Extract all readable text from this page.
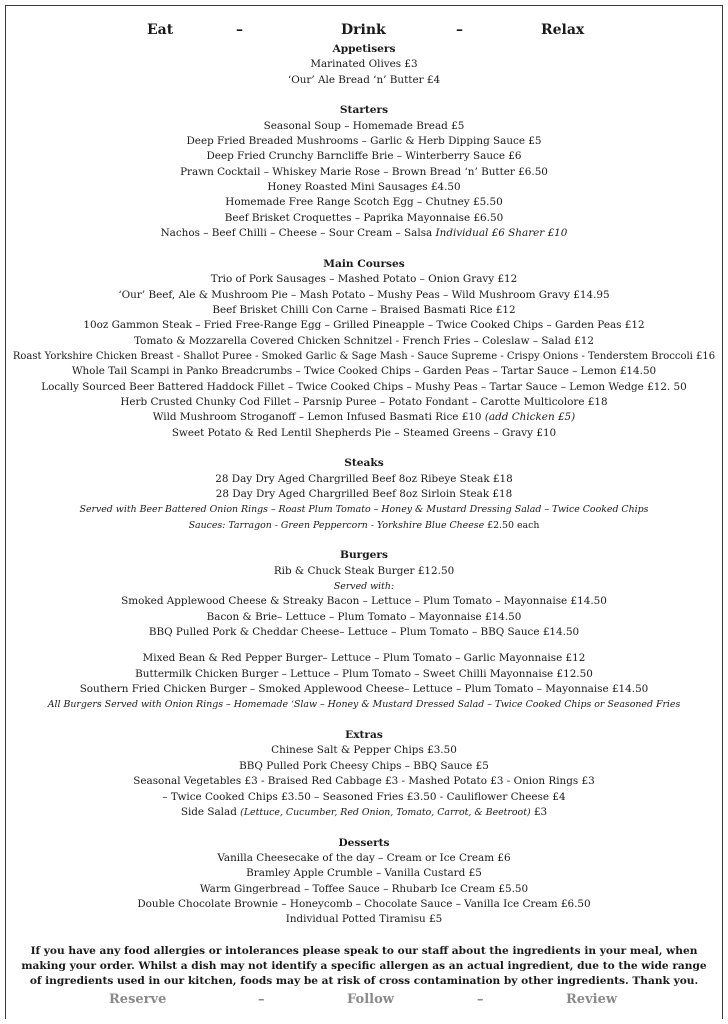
Eat	–	Drink	–	Relax
Appetisers
Marinated Olives £3
‘Our’ Ale Bread ‘n’ Butter £4
Starters
Seasonal Soup – Homemade Bread £5
Deep Fried Breaded Mushrooms – Garlic & Herb Dipping Sauce £5
Deep Fried Crunchy Barncliffe Brie – Winterberry Sauce £6
Prawn Cocktail – Whiskey Marie Rose – Brown Bread ‘n’ Butter £6.50
Honey Roasted Mini Sausages £4.50
Homemade Free Range Scotch Egg – Chutney £5.50
Beef Brisket Croquettes – Paprika Mayonnaise £6.50
Nachos – Beef Chilli – Cheese – Sour Cream – Salsa Individual £6 Sharer £10
Main Courses
Trio of Pork Sausages – Mashed Potato – Onion Gravy £12
‘Our’ Beef, Ale & Mushroom Pie – Mash Potato – Mushy Peas – Wild Mushroom Gravy £14.95
Beef Brisket Chilli Con Carne – Braised Basmati Rice £12
10oz Gammon Steak – Fried Free-Range Egg – Grilled Pineapple – Twice Cooked Chips – Garden Peas £12
Tomato & Mozzarella Covered Chicken Schnitzel - French Fries – Coleslaw – Salad £12
Roast Yorkshire Chicken Breast - Shallot Puree - Smoked Garlic & Sage Mash - Sauce Supreme - Crispy Onions - Tenderstem Broccoli £16
Whole Tail Scampi in Panko Breadcrumbs – Twice Cooked Chips – Garden Peas – Tartar Sauce – Lemon £14.50
Locally Sourced Beer Battered Haddock Fillet – Twice Cooked Chips – Mushy Peas – Tartar Sauce – Lemon Wedge £12. 50
Herb Crusted Chunky Cod Fillet – Parsnip Puree – Potato Fondant – Carotte Multicolore £18
Wild Mushroom Stroganoff – Lemon Infused Basmati Rice £10 (add Chicken £5)
Sweet Potato & Red Lentil Shepherds Pie – Steamed Greens – Gravy £10
Steaks
28 Day Dry Aged Chargrilled Beef 8oz Ribeye Steak £18
28 Day Dry Aged Chargrilled Beef 8oz Sirloin Steak £18
Served with Beer Battered Onion Rings – Roast Plum Tomato – Honey & Mustard Dressing Salad – Twice Cooked Chips
Sauces: Tarragon - Green Peppercorn - Yorkshire Blue Cheese £2.50 each
Burgers
Rib & Chuck Steak Burger £12.50
Served with:
Smoked Applewood Cheese & Streaky Bacon – Lettuce – Plum Tomato – Mayonnaise £14.50
Bacon & Brie– Lettuce – Plum Tomato – Mayonnaise £14.50
BBQ Pulled Pork & Cheddar Cheese– Lettuce – Plum Tomato – BBQ Sauce £14.50
Mixed Bean & Red Pepper Burger– Lettuce – Plum Tomato – Garlic Mayonnaise £12
Buttermilk Chicken Burger – Lettuce – Plum Tomato – Sweet Chilli Mayonnaise £12.50
Southern Fried Chicken Burger – Smoked Applewood Cheese– Lettuce – Plum Tomato – Mayonnaise £14.50
All Burgers Served with Onion Rings – Homemade ‘Slaw – Honey & Mustard Dressed Salad – Twice Cooked Chips or Seasoned Fries
Extras
Chinese Salt & Pepper Chips £3.50
BBQ Pulled Pork Cheesy Chips – BBQ Sauce £5
Seasonal Vegetables £3 - Braised Red Cabbage £3 - Mashed Potato £3 - Onion Rings £3
– Twice Cooked Chips £3.50 – Seasoned Fries £3.50 - Cauliflower Cheese £4
Side Salad (Lettuce, Cucumber, Red Onion, Tomato, Carrot, & Beetroot) £3
Desserts
Vanilla Cheesecake of the day – Cream or Ice Cream £6
Bramley Apple Crumble – Vanilla Custard £5
Warm Gingerbread – Toffee Sauce – Rhubarb Ice Cream £5.50
Double Chocolate Brownie – Honeycomb – Chocolate Sauce – Vanilla Ice Cream £6.50
Individual Potted Tiramisu £5
If you have any food allergies or intolerances please speak to our staff about the ingredients in your meal, when making your order. Whilst a dish may not identify a specific allergen as an actual ingredient, due to the wide range of ingredients used in our kitchen, foods may be at risk of cross contamination by other ingredients. Thank you.
Reserve	–	Follow	–	Review
